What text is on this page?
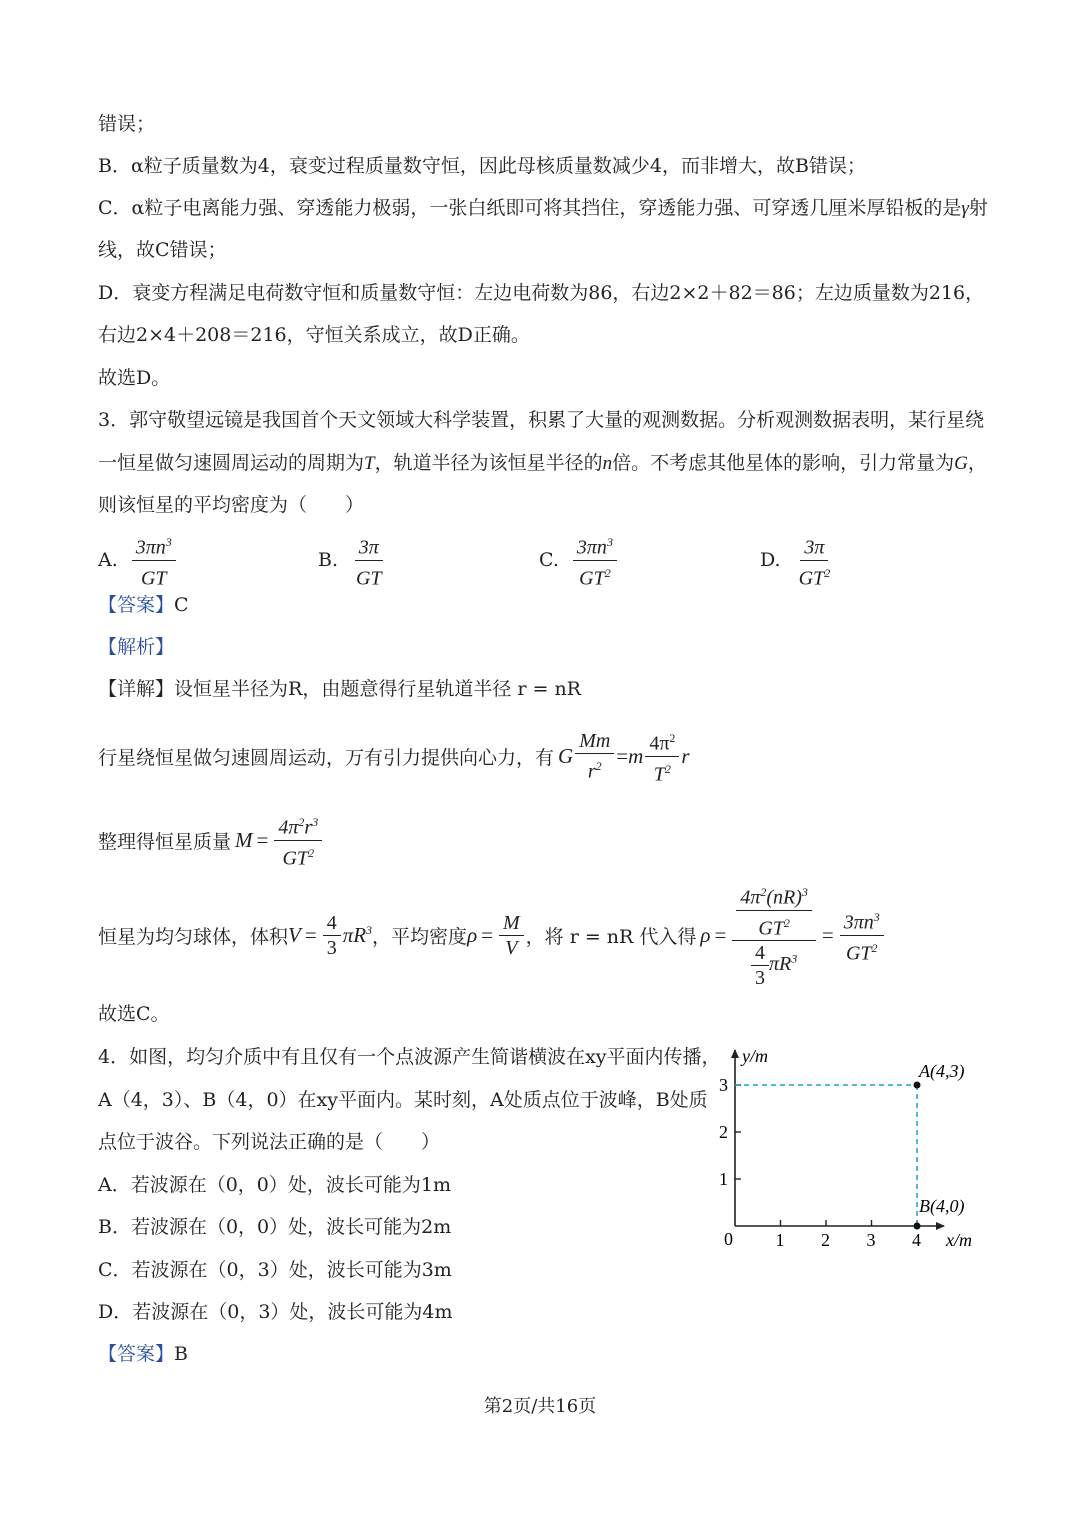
错误；
B．α粒子质量数为4，衰变过程质量数守恒，因此母核质量数减少4，而非增大，故B错误；
C．α粒子电离能力强、穿透能力极弱，一张白纸即可将其挡住，穿透能力强、可穿透几厘米厚铅板的是γ射
线，故C错误；
D．衰变方程满足电荷数守恒和质量数守恒：左边电荷数为86，右边2×2＋82＝86；左边质量数为216，
右边2×4＋208＝216，守恒关系成立，故D正确。
故选D。
3．郭守敬望远镜是我国首个天文领域大科学装置，积累了大量的观测数据。分析观测数据表明，某行星绕
一恒星做匀速圆周运动的周期为T，轨道半径为该恒星半径的n倍。不考虑其他星体的影响，引力常量为G，
则该恒星的平均密度为（　　）
A. $\frac{3\pi n^3}{GT}$	B. $\frac{3\pi}{GT}$	C. $\frac{3\pi n^3}{GT^2}$	D. $\frac{3\pi}{GT^2}$
【答案】C
【解析】
【详解】设恒星半径为R，由题意得行星轨道半径 r = nR
行星绕恒星做匀速圆周运动，万有引力提供向心力，有 G $\frac{Mm}{r^2} = m \frac{4\pi^2}{T^2}$ r
整理得恒星质量 $M = \frac{4\pi^2r^3}{GT^2}$
恒星为均匀球体，体积 $V = \frac{4}{3} \pi R^3$ ，平均密度 $\rho = \frac{M}{V}$ ，将 r = nR 代入得 $\rho = \frac{\frac{4\pi^2(nR)^3}{GT^2}}{\frac{4}{3} \pi R^3} = \frac{3\pi n^3}{GT^2}$
故选C。
4．如图，均匀介质中有且仅有一个点波源产生简谐横波在xy平面内传播，
A（4，3）、B（4，0）在xy平面内。某时刻，A处质点位于波峰，B处质
点位于波谷。下列说法正确的是（　　）
A．若波源在（0，0）处，波长可能为1m
B．若波源在（0，0）处，波长可能为2m
C．若波源在（0，3）处，波长可能为3m
D．若波源在（0，3）处，波长可能为4m
【答案】B
y/m
x/m
0 1 2 3 4
1
2
3
A(4,3)
B(4,0)
第2页/共16页
